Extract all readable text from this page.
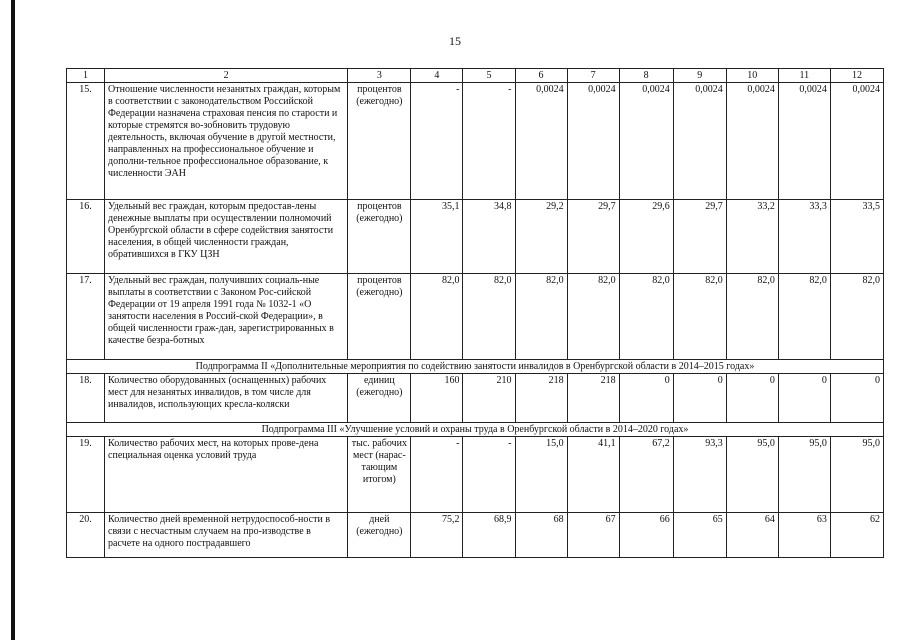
15
1	2	3	4	5	6	7	8	9	10	11	12
15.	Отношение численности незанятых граждан, которым в соответствии с законодательством Российской Федерации назначена страховая пенсия по старости и которые стремятся во-зобновить трудовую деятельность, включая обучение в другой местности, направленных на профессиональное обучение и дополни-тельное профессиональное образование, к численности ЭАН	процентов (ежегодно)	-	-	0,0024	0,0024	0,0024	0,0024	0,0024	0,0024	0,0024
16.	Удельный вес граждан, которым предостав-лены денежные выплаты при осуществлении полномочий Оренбургской области в сфере содействия занятости населения, в общей численности граждан, обратившихся в ГКУ ЦЗН	процентов (ежегодно)	35,1	34,8	29,2	29,7	29,6	29,7	33,2	33,3	33,5
17.	Удельный вес граждан, получивших социаль-ные выплаты в соответствии с Законом Рос-сийской Федерации от 19 апреля 1991 года № 1032-1 «О занятости населения в Россий-ской Федерации», в общей численности граж-дан, зарегистрированных в качестве безра-ботных	процентов (ежегодно)	82,0	82,0	82,0	82,0	82,0	82,0	82,0	82,0	82,0
Подпрограмма II «Дополнительные мероприятия по содействию занятости инвалидов в Оренбургской области в 2014–2015 годах»											
18.	Количество оборудованных (оснащенных) рабочих мест для незанятых инвалидов, в том числе для инвалидов, использующих кресла-коляски	единиц (ежегодно)	160	210	218	218	0	0	0	0	0
Подпрограмма III «Улучшение условий и охраны труда в Оренбургской области в 2014–2020 годах»											
19.	Количество рабочих мест, на которых прове-дена специальная оценка условий труда	тыс. рабочих мест (нарас-тающим итогом)	-	-	15,0	41,1	67,2	93,3	95,0	95,0	95,0
20.	Количество дней временной нетрудоспособ-ности в связи с несчастным случаем на про-изводстве в расчете на одного пострадавшего	дней (ежегодно)	75,2	68,9	68	67	66	65	64	63	62
